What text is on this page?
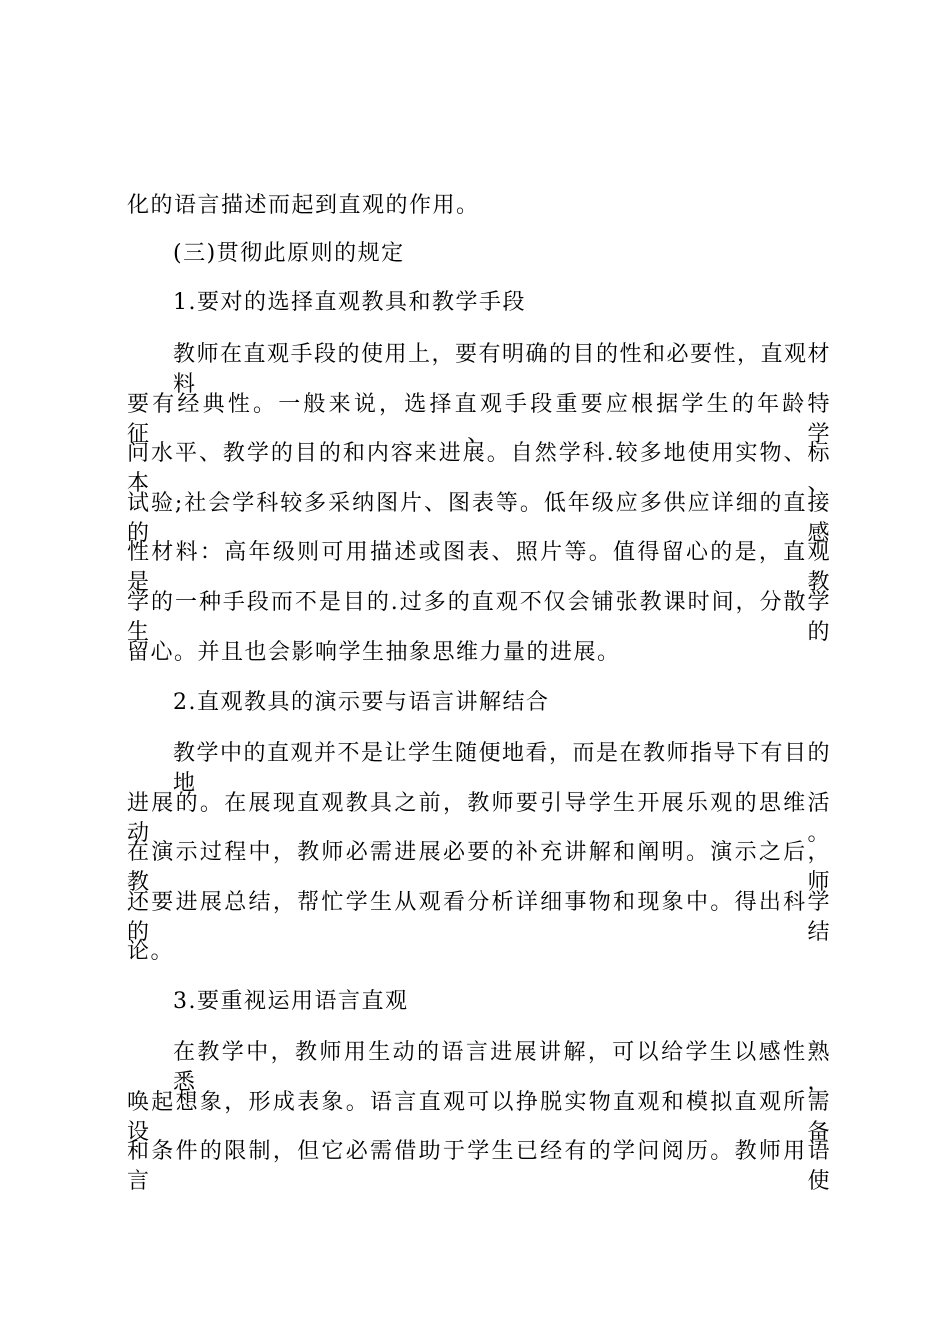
化的语言描述而起到直观的作用。
(三)贯彻此原则的规定
1.要对的选择直观教具和教学手段
教师在直观手段的使用上，要有明确的目的性和必要性，直观材料
要有经典性。一般来说，选择直观手段重要应根据学生的年龄特征、学
问水平、教学的目的和内容来进展。自然学科.较多地使用实物、标本、
试验;社会学科较多采纳图片、图表等。低年级应多供应详细的直接的感
性材料：高年级则可用描述或图表、照片等。值得留心的是，直观是教
学的一种手段而不是目的.过多的直观不仅会铺张教课时间，分散学生的
留心。并且也会影响学生抽象思维力量的进展。
2.直观教具的演示要与语言讲解结合
教学中的直观并不是让学生随便地看，而是在教师指导下有目的地
进展的。在展现直观教具之前，教师要引导学生开展乐观的思维活动。
在演示过程中，教师必需进展必要的补充讲解和阐明。演示之后，教师
还要进展总结，帮忙学生从观看分析详细事物和现象中。得出科学的结
论。
3.要重视运用语言直观
在教学中，教师用生动的语言进展讲解，可以给学生以感性熟悉，
唤起想象，形成表象。语言直观可以挣脱实物直观和模拟直观所需设备
和条件的限制，但它必需借助于学生已经有的学问阅历。教师用语言使
